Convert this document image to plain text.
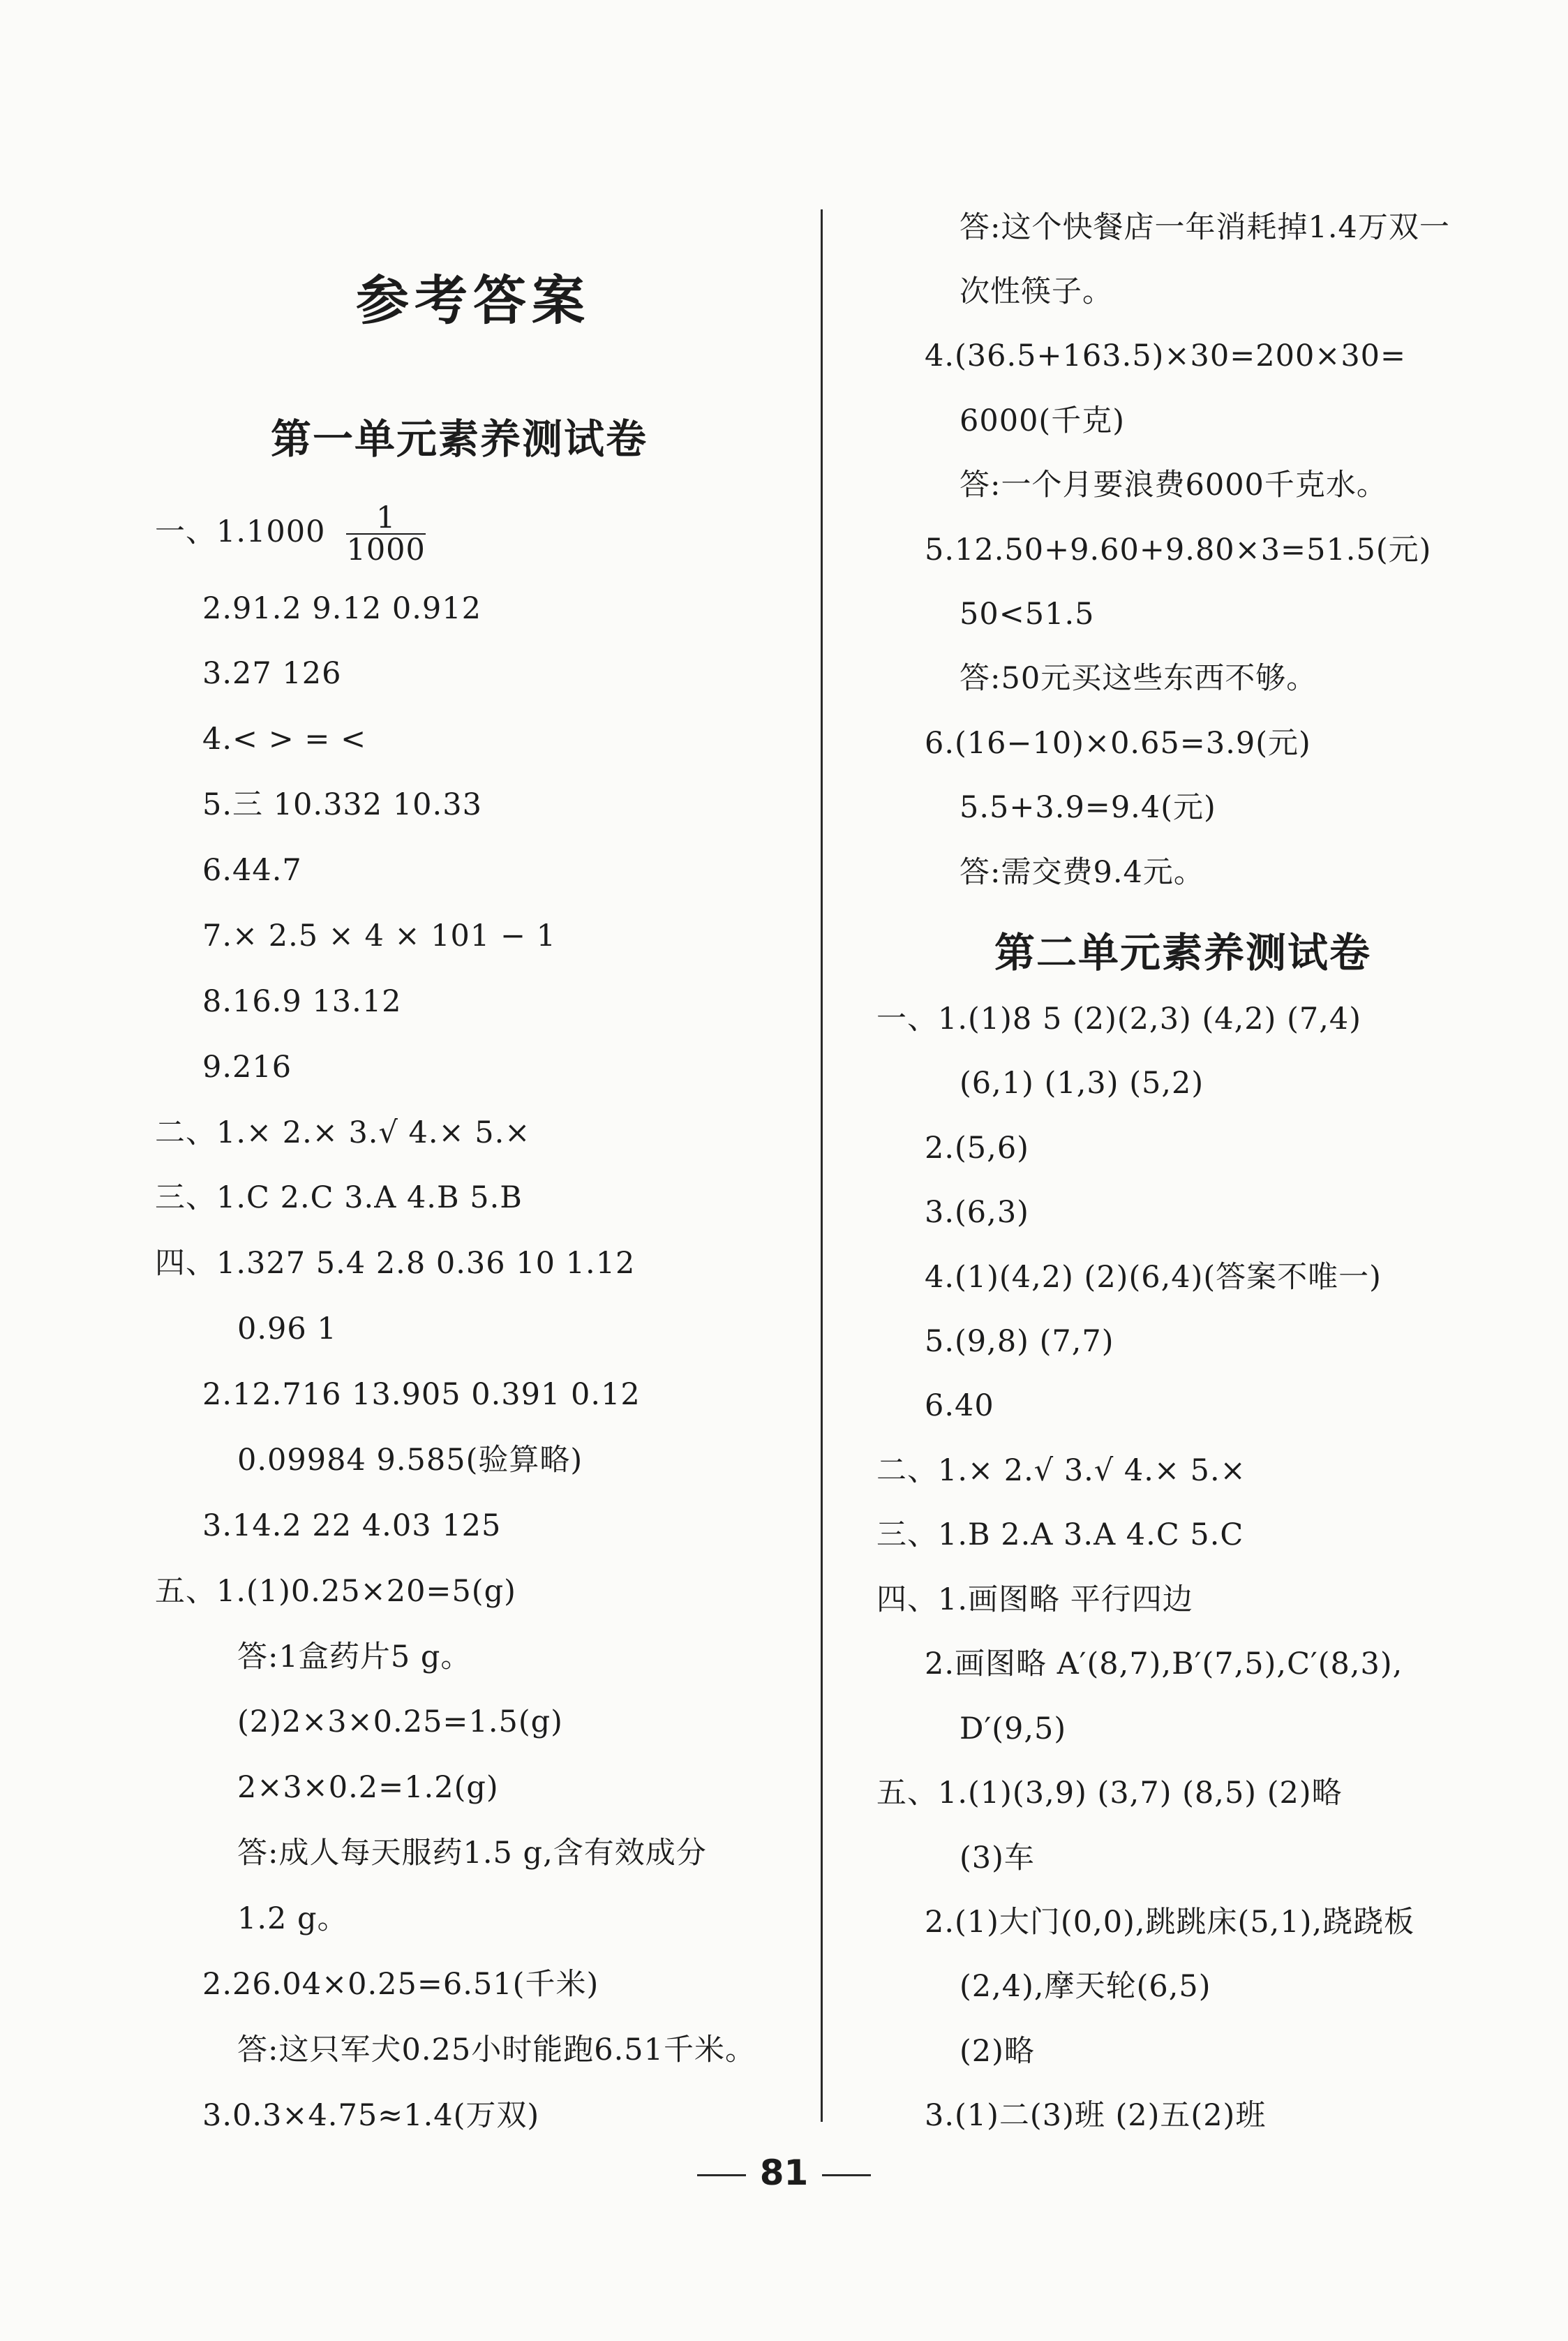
参考答案
第一单元素养测试卷
一、$1.1000 \frac{1}{1000}$
2.91.2 9.12 0.912
3.27 126
4.< > = <
5.三 10.332 10.33
6.44.7
7.× 2.5 × 4 × 101 − 1
8.16.9 13.12
9.216
二、1.× 2.× 3.√ 4.× 5.×
三、1.C 2.C 3.A 4.B 5.B
四、1.327 5.4 2.8 0.36 10 1.12
0.96 1
2.12.716 13.905 0.391 0.12
0.09984 9.585(验算略)
3.14.2 22 4.03 125
五、1.(1)0.25×20=5(g)
答:1盒药片5 g。
(2)2×3×0.25=1.5(g)
2×3×0.2=1.2(g)
答:成人每天服药1.5 g,含有效成分
1.2 g。
2.26.04×0.25=6.51(千米)
答:这只军犬0.25小时能跑6.51千米。
3.0.3×4.75≈1.4(万双)
答:这个快餐店一年消耗掉1.4万双一
次性筷子。
4.(36.5+163.5)×30=200×30=
6000(千克)
答:一个月要浪费6000千克水。
5.12.50+9.60+9.80×3=51.5(元)
50<51.5
答:50元买这些东西不够。
6.(16−10)×0.65=3.9(元)
5.5+3.9=9.4(元)
答:需交费9.4元。
第二单元素养测试卷
一、1.(1)8 5 (2)(2,3) (4,2) (7,4)
(6,1) (1,3) (5,2)
2.(5,6)
3.(6,3)
4.(1)(4,2) (2)(6,4)(答案不唯一)
5.(9,8) (7,7)
6.40
二、1.× 2.√ 3.√ 4.× 5.×
三、1.B 2.A 3.A 4.C 5.C
四、1.画图略 平行四边
2.画图略 A′(8,7),B′(7,5),C′(8,3),
D′(9,5)
五、1.(1)(3,9) (3,7) (8,5) (2)略
(3)车
2.(1)大门(0,0),跳跳床(5,1),跷跷板
(2,4),摩天轮(6,5)
(2)略
3.(1)二(3)班 (2)五(2)班
81
